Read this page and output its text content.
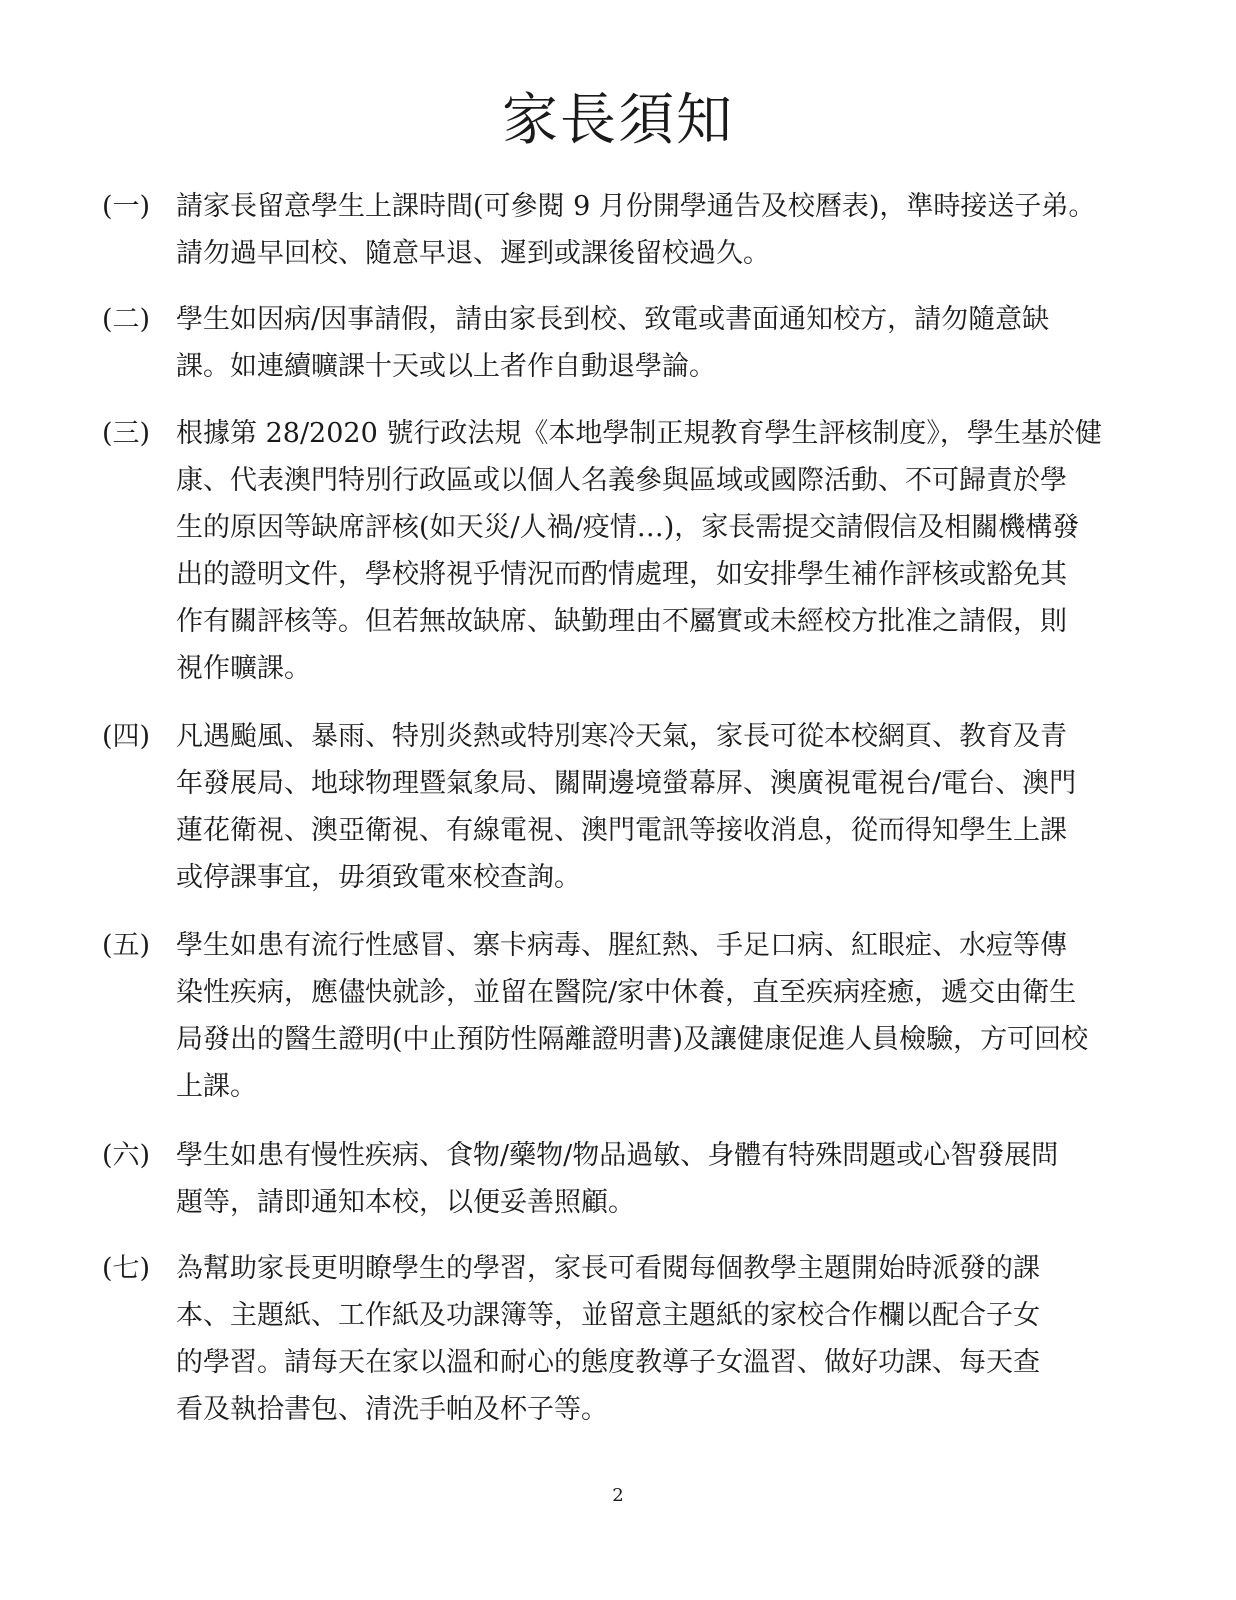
家長須知
(一) 請家長留意學生上課時間(可參閱 9 月份開學通告及校曆表)，準時接送子弟。
請勿過早回校、隨意早退、遲到或課後留校過久。
(二) 學生如因病/因事請假，請由家長到校、致電或書面通知校方，請勿隨意缺
課。如連續曠課十天或以上者作自動退學論。
(三) 根據第 28/2020 號行政法規《本地學制正規教育學生評核制度》，學生基於健
康、代表澳門特別行政區或以個人名義參與區域或國際活動、不可歸責於學
生的原因等缺席評核(如天災/人禍/疫情…)，家長需提交請假信及相關機構發
出的證明文件，學校將視乎情況而酌情處理，如安排學生補作評核或豁免其
作有關評核等。但若無故缺席、缺勤理由不屬實或未經校方批准之請假，則
視作曠課。
(四) 凡遇颱風、暴雨、特別炎熱或特別寒冷天氣，家長可從本校網頁、教育及青
年發展局、地球物理暨氣象局、關閘邊境螢幕屏、澳廣視電視台/電台、澳門
蓮花衛視、澳亞衛視、有線電視、澳門電訊等接收消息，從而得知學生上課
或停課事宜，毋須致電來校查詢。
(五) 學生如患有流行性感冒、寨卡病毒、腥紅熱、手足口病、紅眼症、水痘等傳
染性疾病，應儘快就診，並留在醫院/家中休養，直至疾病痊癒，遞交由衛生
局發出的醫生證明(中止預防性隔離證明書)及讓健康促進人員檢驗，方可回校
上課。
(六) 學生如患有慢性疾病、食物/藥物/物品過敏、身體有特殊問題或心智發展問
題等，請即通知本校，以便妥善照顧。
(七) 為幫助家長更明瞭學生的學習，家長可看閱每個教學主題開始時派發的課
本、主題紙、工作紙及功課簿等，並留意主題紙的家校合作欄以配合子女
的學習。請每天在家以溫和耐心的態度教導子女溫習、做好功課、每天查
看及執拾書包、清洗手帕及杯子等。
2
